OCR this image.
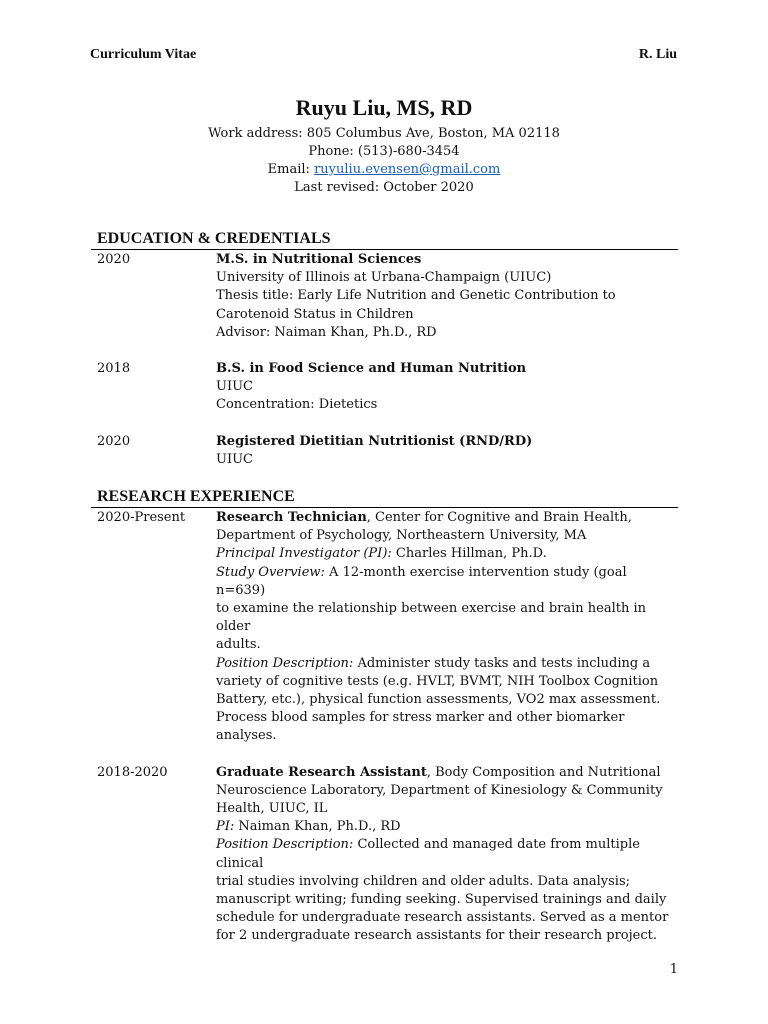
Curriculum Vitae	R. Liu
Ruyu Liu, MS, RD
Work address: 805 Columbus Ave, Boston, MA 02118
Phone: (513)-680-3454
Email: ruyuliu.evensen@gmail.com
Last revised: October 2020
EDUCATION & CREDENTIALS
2020	M.S. in Nutritional Sciences
University of Illinois at Urbana-Champaign (UIUC)
Thesis title: Early Life Nutrition and Genetic Contribution to
Carotenoid Status in Children
Advisor: Naiman Khan, Ph.D., RD
2018	B.S. in Food Science and Human Nutrition
UIUC
Concentration: Dietetics
2020	Registered Dietitian Nutritionist (RND/RD)
UIUC
RESEARCH EXPERIENCE
2020-Present	Research Technician, Center for Cognitive and Brain Health,
Department of Psychology, Northeastern University, MA
Principal Investigator (PI): Charles Hillman, Ph.D.
Study Overview: A 12-month exercise intervention study (goal n=639)
to examine the relationship between exercise and brain health in older
adults.
Position Description: Administer study tasks and tests including a
variety of cognitive tests (e.g. HVLT, BVMT, NIH Toolbox Cognition
Battery, etc.), physical function assessments, VO2 max assessment.
Process blood samples for stress marker and other biomarker
analyses.
2018-2020	Graduate Research Assistant, Body Composition and Nutritional
Neuroscience Laboratory, Department of Kinesiology & Community
Health, UIUC, IL
PI: Naiman Khan, Ph.D., RD
Position Description: Collected and managed date from multiple clinical
trial studies involving children and older adults. Data analysis;
manuscript writing; funding seeking. Supervised trainings and daily
schedule for undergraduate research assistants. Served as a mentor
for 2 undergraduate research assistants for their research project.
1
